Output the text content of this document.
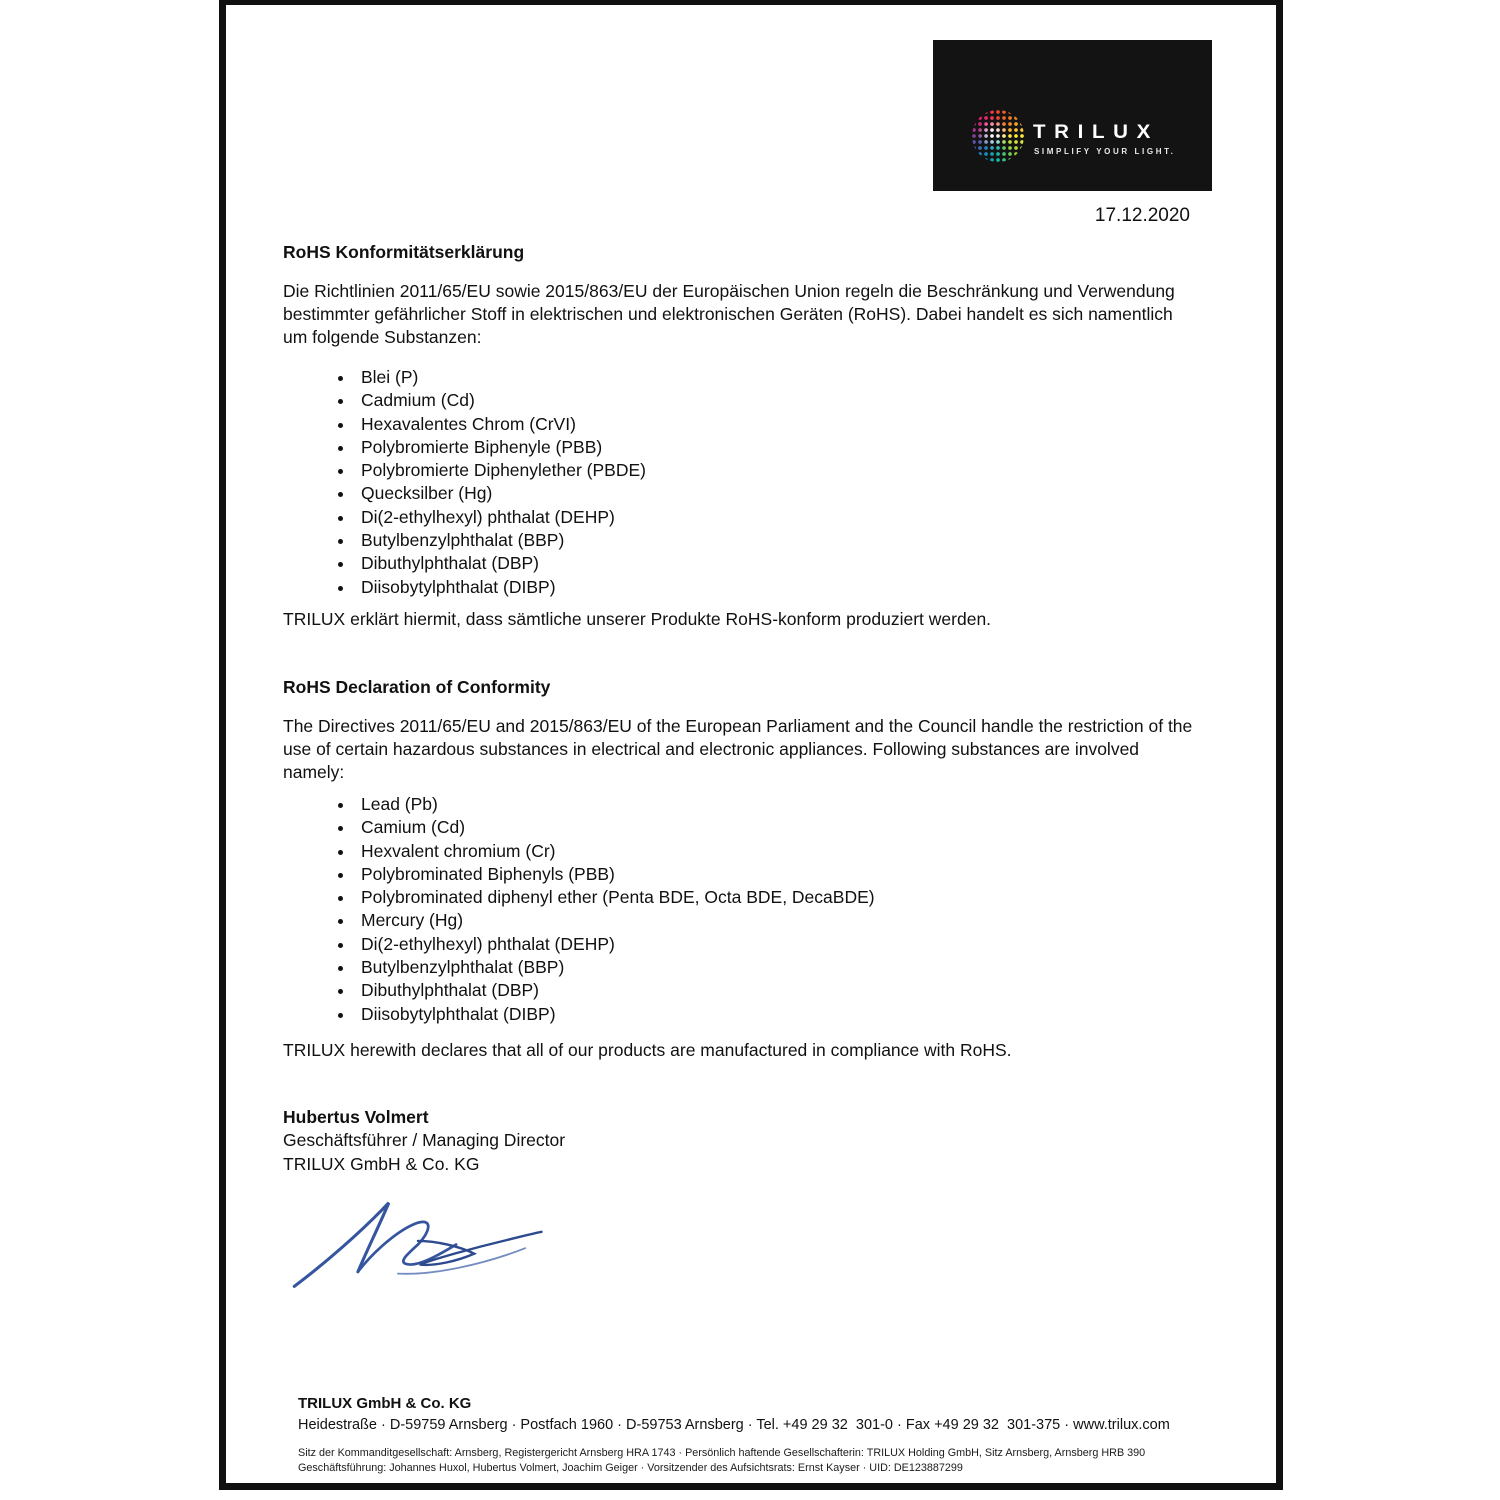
TRILUX
SIMPLIFY YOUR LIGHT.
17.12.2020
RoHS Konformitätserklärung

Die Richtlinien 2011/65/EU sowie 2015/863/EU der Europäischen Union regeln die Beschränkung und Verwendung bestimmter gefährlicher Stoff in elektrischen und elektronischen Geräten (RoHS). Dabei handelt es sich namentlich um folgende Substanzen:

• Blei (P)
• Cadmium (Cd)
• Hexavalentes Chrom (CrVI)
• Polybromierte Biphenyle (PBB)
• Polybromierte Diphenylether (PBDE)
• Quecksilber (Hg)
• Di(2-ethylhexyl) phthalat (DEHP)
• Butylbenzylphthalat (BBP)
• Dibuthylphthalat (DBP)
• Diisobytylphthalat (DIBP)

TRILUX erklärt hiermit, dass sämtliche unserer Produkte RoHS-konform produziert werden.

RoHS Declaration of Conformity

The Directives 2011/65/EU and 2015/863/EU of the European Parliament and the Council handle the restriction of the use of certain hazardous substances in electrical and electronic appliances. Following substances are involved namely:

• Lead (Pb)
• Camium (Cd)
• Hexvalent chromium (Cr)
• Polybrominated Biphenyls (PBB)
• Polybrominated diphenyl ether (Penta BDE, Octa BDE, DecaBDE)
• Mercury (Hg)
• Di(2-ethylhexyl) phthalat (DEHP)
• Butylbenzylphthalat (BBP)
• Dibuthylphthalat (DBP)
• Diisobytylphthalat (DIBP)

TRILUX herewith declares that all of our products are manufactured in compliance with RoHS.

Hubertus Volmert
Geschäftsführer / Managing Director
TRILUX GmbH & Co. KG
TRILUX GmbH & Co. KG
Heidestraße · D-59759 Arnsberg · Postfach 1960 · D-59753 Arnsberg · Tel. +49 29 32  301-0 · Fax +49 29 32  301-375 · www.trilux.com
Sitz der Kommanditgesellschaft: Arnsberg, Registergericht Arnsberg HRA 1743 · Persönlich haftende Gesellschafterin: TRILUX Holding GmbH, Sitz Arnsberg, Arnsberg HRB 390
Geschäftsführung: Johannes Huxol, Hubertus Volmert, Joachim Geiger · Vorsitzender des Aufsichtsrats: Ernst Kayser · UID: DE123887299
